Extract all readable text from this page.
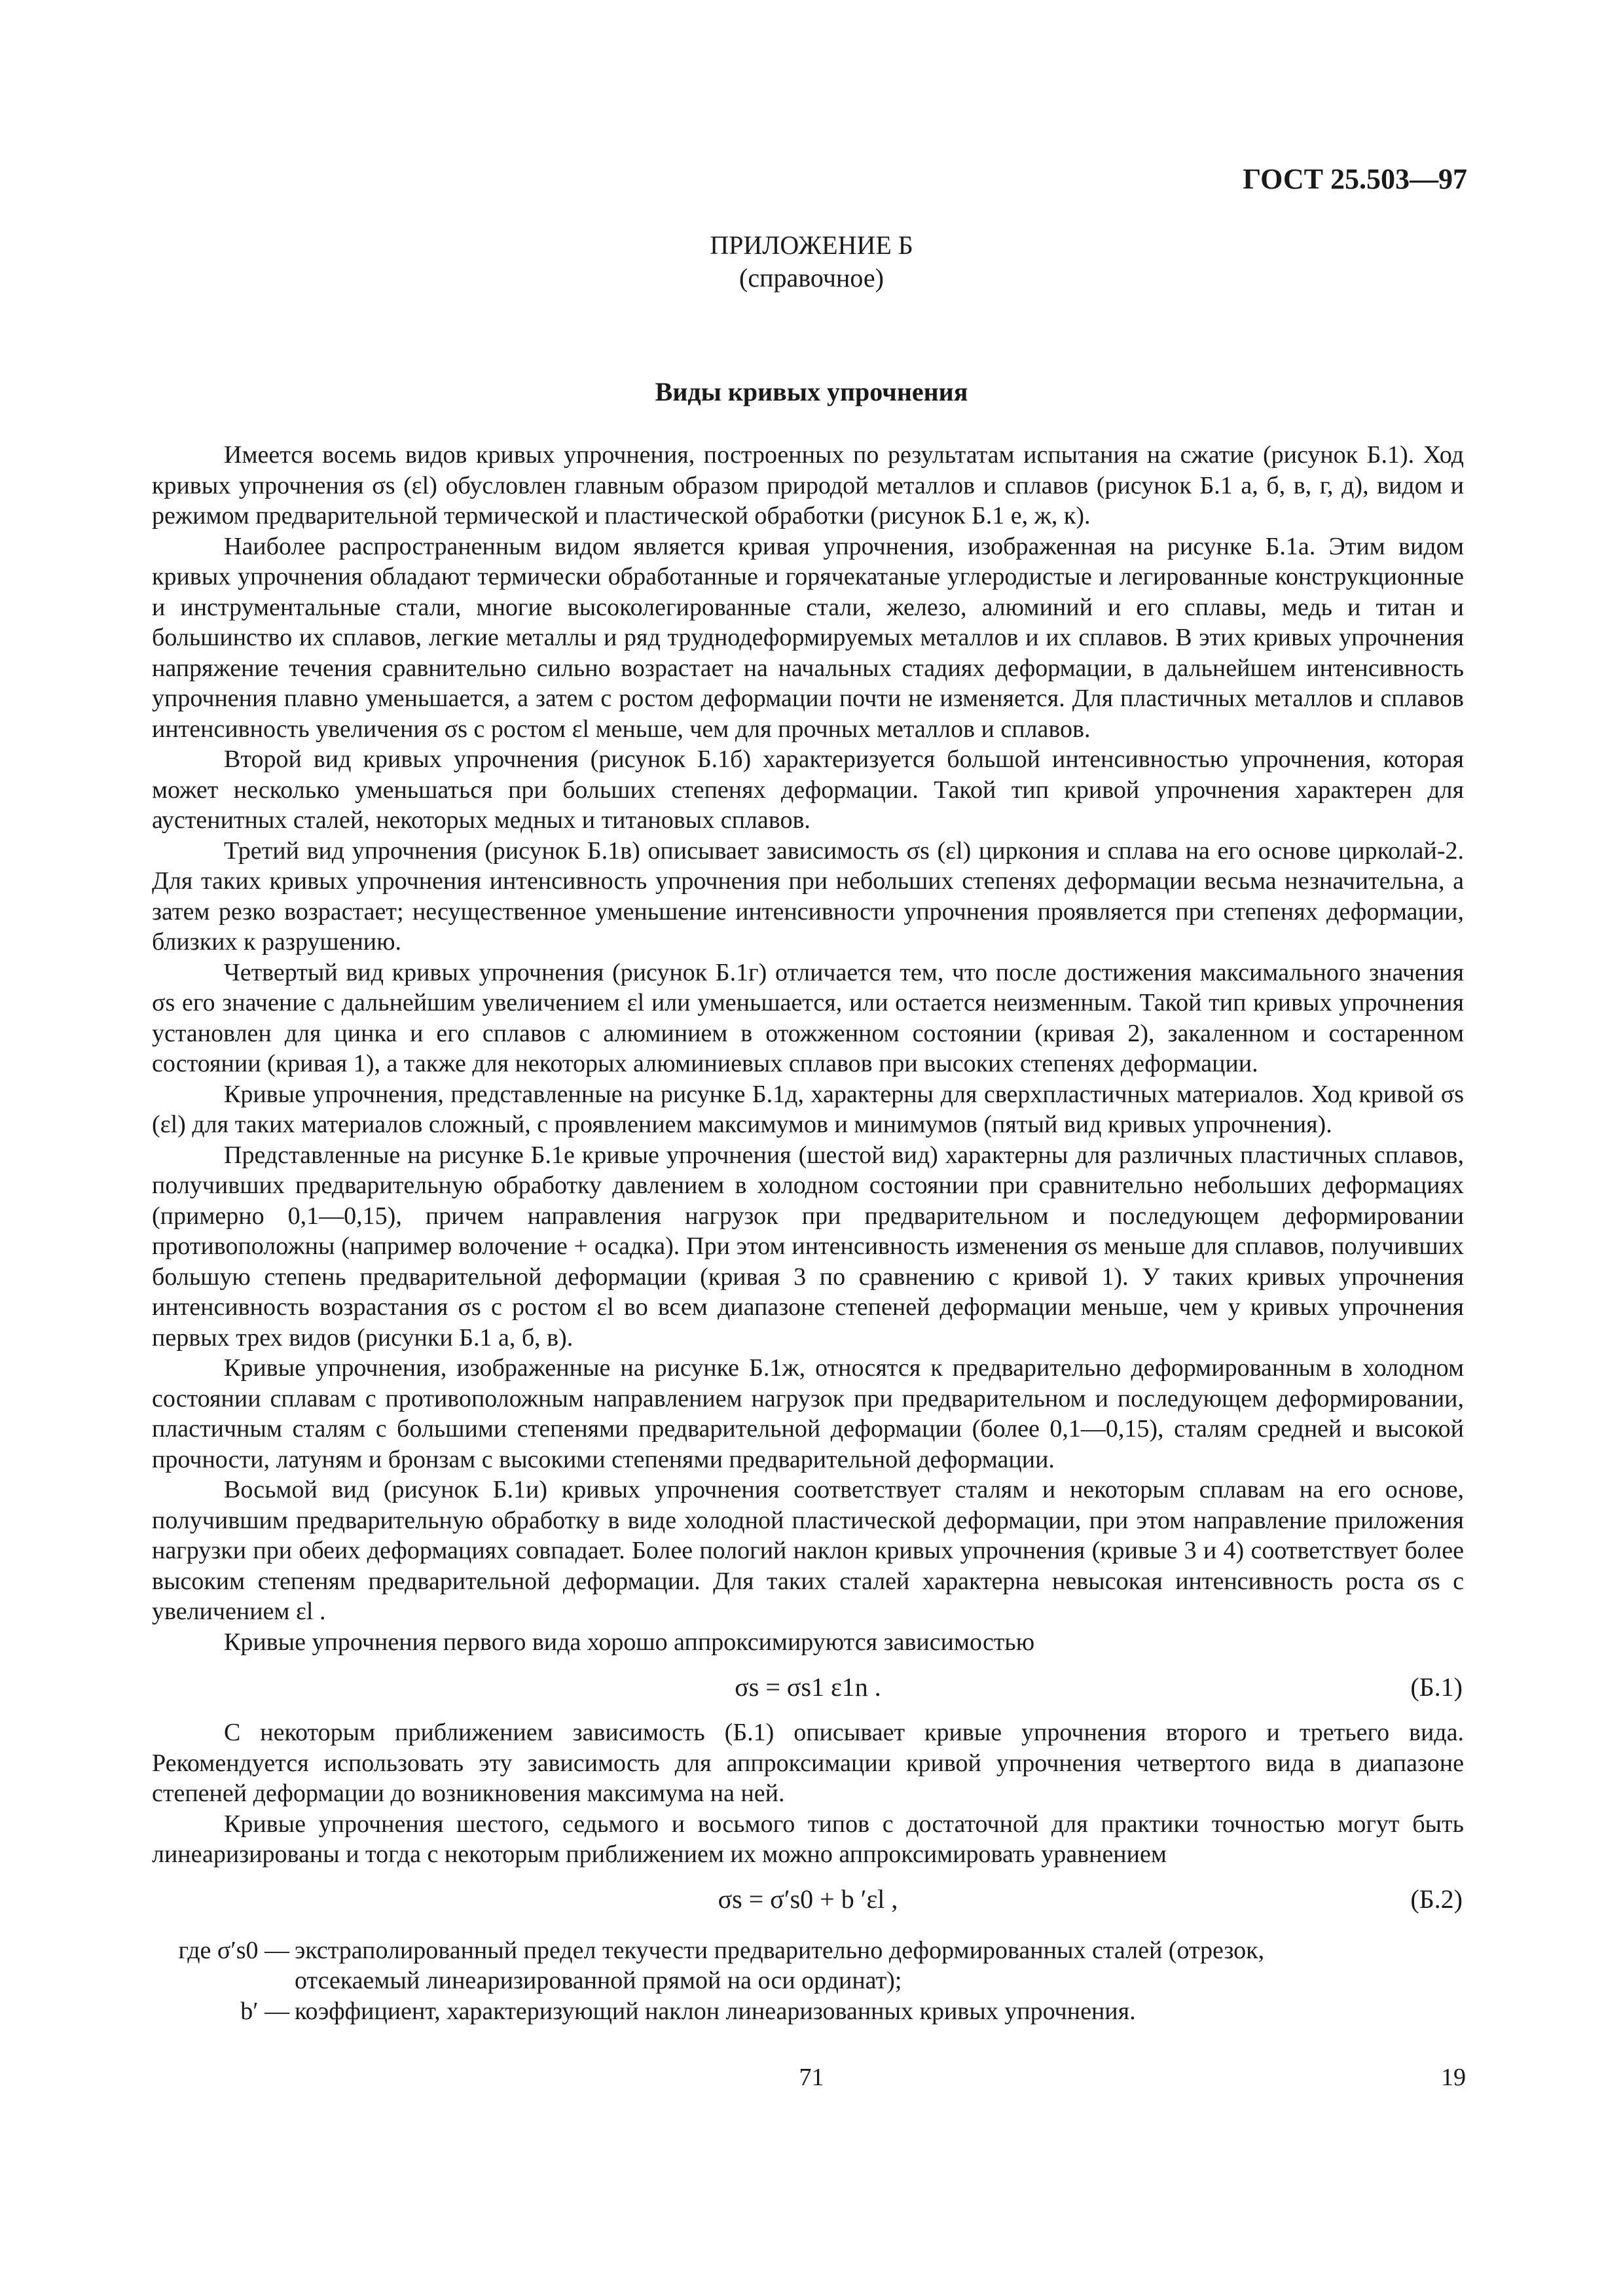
ГОСТ 25.503—97
ПРИЛОЖЕНИЕ Б
(справочное)
Виды кривых упрочнения

Имеется восемь видов кривых упрочнения, построенных по результатам испытания на сжатие (рисунок Б.1). Ход кривых упрочнения σs (εl) обусловлен главным образом природой металлов и сплавов (рисунок Б.1 а, б, в, г, д), видом и режимом предварительной термической и пластической обработки (рисунок Б.1 е, ж, к).

Наиболее распространенным видом является кривая упрочнения, изображенная на рисунке Б.1а. Этим видом кривых упрочнения обладают термически обработанные и горячекатаные углеродистые и легированные конструкционные и инструментальные стали, многие высоколегированные стали, железо, алюминий и его сплавы, медь и титан и большинство их сплавов, легкие металлы и ряд труднодеформируемых металлов и их сплавов. В этих кривых упрочнения напряжение течения сравнительно сильно возрастает на начальных стадиях деформации, в дальнейшем интенсивность упрочнения плавно уменьшается, а затем с ростом деформации почти не изменяется. Для пластичных металлов и сплавов интенсивность увеличения σs с ростом εl меньше, чем для прочных металлов и сплавов.

Второй вид кривых упрочнения (рисунок Б.1б) характеризуется большой интенсивностью упрочнения, которая может несколько уменьшаться при больших степенях деформации. Такой тип кривой упрочнения характерен для аустенитных сталей, некоторых медных и титановых сплавов.

Третий вид упрочнения (рисунок Б.1в) описывает зависимость σs (εl) циркония и сплава на его основе цирколай-2. Для таких кривых упрочнения интенсивность упрочнения при небольших степенях деформации весьма незначительна, а затем резко возрастает; несущественное уменьшение интенсивности упрочнения проявляется при степенях деформации, близких к разрушению.

Четвертый вид кривых упрочнения (рисунок Б.1г) отличается тем, что после достижения максимального значения σs его значение с дальнейшим увеличением εl или уменьшается, или остается неизменным. Такой тип кривых упрочнения установлен для цинка и его сплавов с алюминием в отожженном состоянии (кривая 2), закаленном и состаренном состоянии (кривая 1), а также для некоторых алюминиевых сплавов при высоких степенях деформации.

Кривые упрочнения, представленные на рисунке Б.1д, характерны для сверхпластичных материалов. Ход кривой σs (εl) для таких материалов сложный, с проявлением максимумов и минимумов (пятый вид кривых упрочнения).

Представленные на рисунке Б.1е кривые упрочнения (шестой вид) характерны для различных пластичных сплавов, получивших предварительную обработку давлением в холодном состоянии при сравнительно небольших деформациях (примерно 0,1—0,15), причем направления нагрузок при предварительном и последующем деформировании противоположны (например волочение + осадка). При этом интенсивность изменения σs меньше для сплавов, получивших большую степень предварительной деформации (кривая 3 по сравнению с кривой 1). У таких кривых упрочнения интенсивность возрастания σs с ростом εl во всем диапазоне степеней деформации меньше, чем у кривых упрочнения первых трех видов (рисунки Б.1 а, б, в).

Кривые упрочнения, изображенные на рисунке Б.1ж, относятся к предварительно деформированным в холодном состоянии сплавам с противоположным направлением нагрузок при предварительном и последующем деформировании, пластичным сталям с большими степенями предварительной деформации (более 0,1—0,15), сталям средней и высокой прочности, латуням и бронзам с высокими степенями предварительной деформации.

Восьмой вид (рисунок Б.1и) кривых упрочнения соответствует сталям и некоторым сплавам на его основе, получившим предварительную обработку в виде холодной пластической деформации, при этом направление приложения нагрузки при обеих деформациях совпадает. Более пологий наклон кривых упрочнения (кривые 3 и 4) соответствует более высоким степеням предварительной деформации. Для таких сталей характерна невысокая интенсивность роста σs с увеличением εl .

Кривые упрочнения первого вида хорошо аппроксимируются зависимостью

σs = σs1 ε1n .	(Б.1)

С некоторым приближением зависимость (Б.1) описывает кривые упрочнения второго и третьего вида. Рекомендуется использовать эту зависимость для аппроксимации кривой упрочнения четвертого вида в диапазоне степеней деформации до возникновения максимума на ней.

Кривые упрочнения шестого, седьмого и восьмого типов с достаточной для практики точностью могут быть линеаризированы и тогда с некоторым приближением их можно аппроксимировать уравнением

σs = σ′s0 + b ′εl ,	(Б.2)
где σ′s0 — экстраполированный предел текучести предварительно деформированных сталей (отрезок,
отсекаемый линеаризированной прямой на оси ординат);
b′ — коэффициент, характеризующий наклон линеаризованных кривых упрочнения.
71	19
